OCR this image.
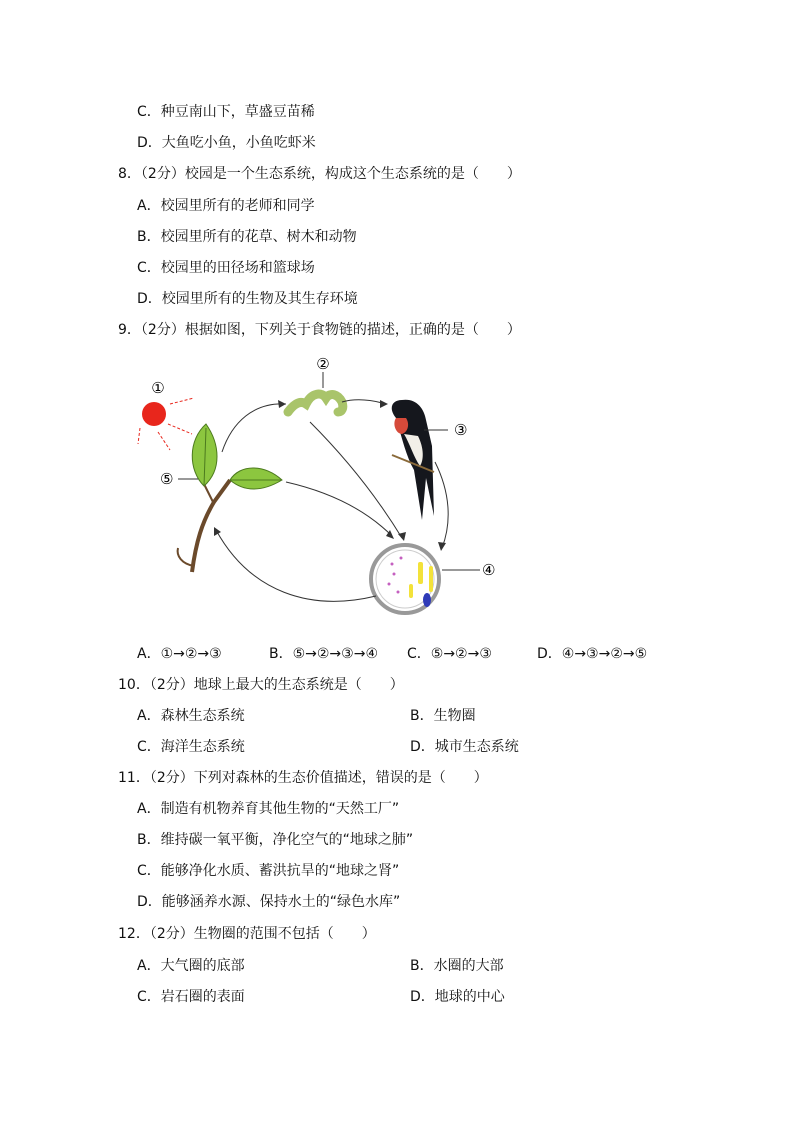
C．种豆南山下，草盛豆苗稀
D．大鱼吃小鱼，小鱼吃虾米
8．（2分）校园是一个生态系统，构成这个生态系统的是（　　）
A．校园里所有的老师和同学
B．校园里所有的花草、树木和动物
C．校园里的田径场和篮球场
D．校园里所有的生物及其生存环境
9．（2分）根据如图，下列关于食物链的描述，正确的是（　　）
①
②
③
④
⑤
A．①→②→③	B．⑤→②→③→④ C．⑤→②→③	D．④→③→②→⑤
10．（2分）地球上最大的生态系统是（　　）
A．森林生态系统	B．生物圈
C．海洋生态系统	D．城市生态系统
11．（2分）下列对森林的生态价值描述，错误的是（　　）
A．制造有机物养育其他生物的“天然工厂”
B．维持碳一氧平衡，净化空气的“地球之肺”
C．能够净化水质、蓄洪抗旱的“地球之肾”
D．能够涵养水源、保持水土的“绿色水库”
12．（2分）生物圈的范围不包括（　　）
A．大气圈的底部	B．水圈的大部
C．岩石圈的表面	D．地球的中心
